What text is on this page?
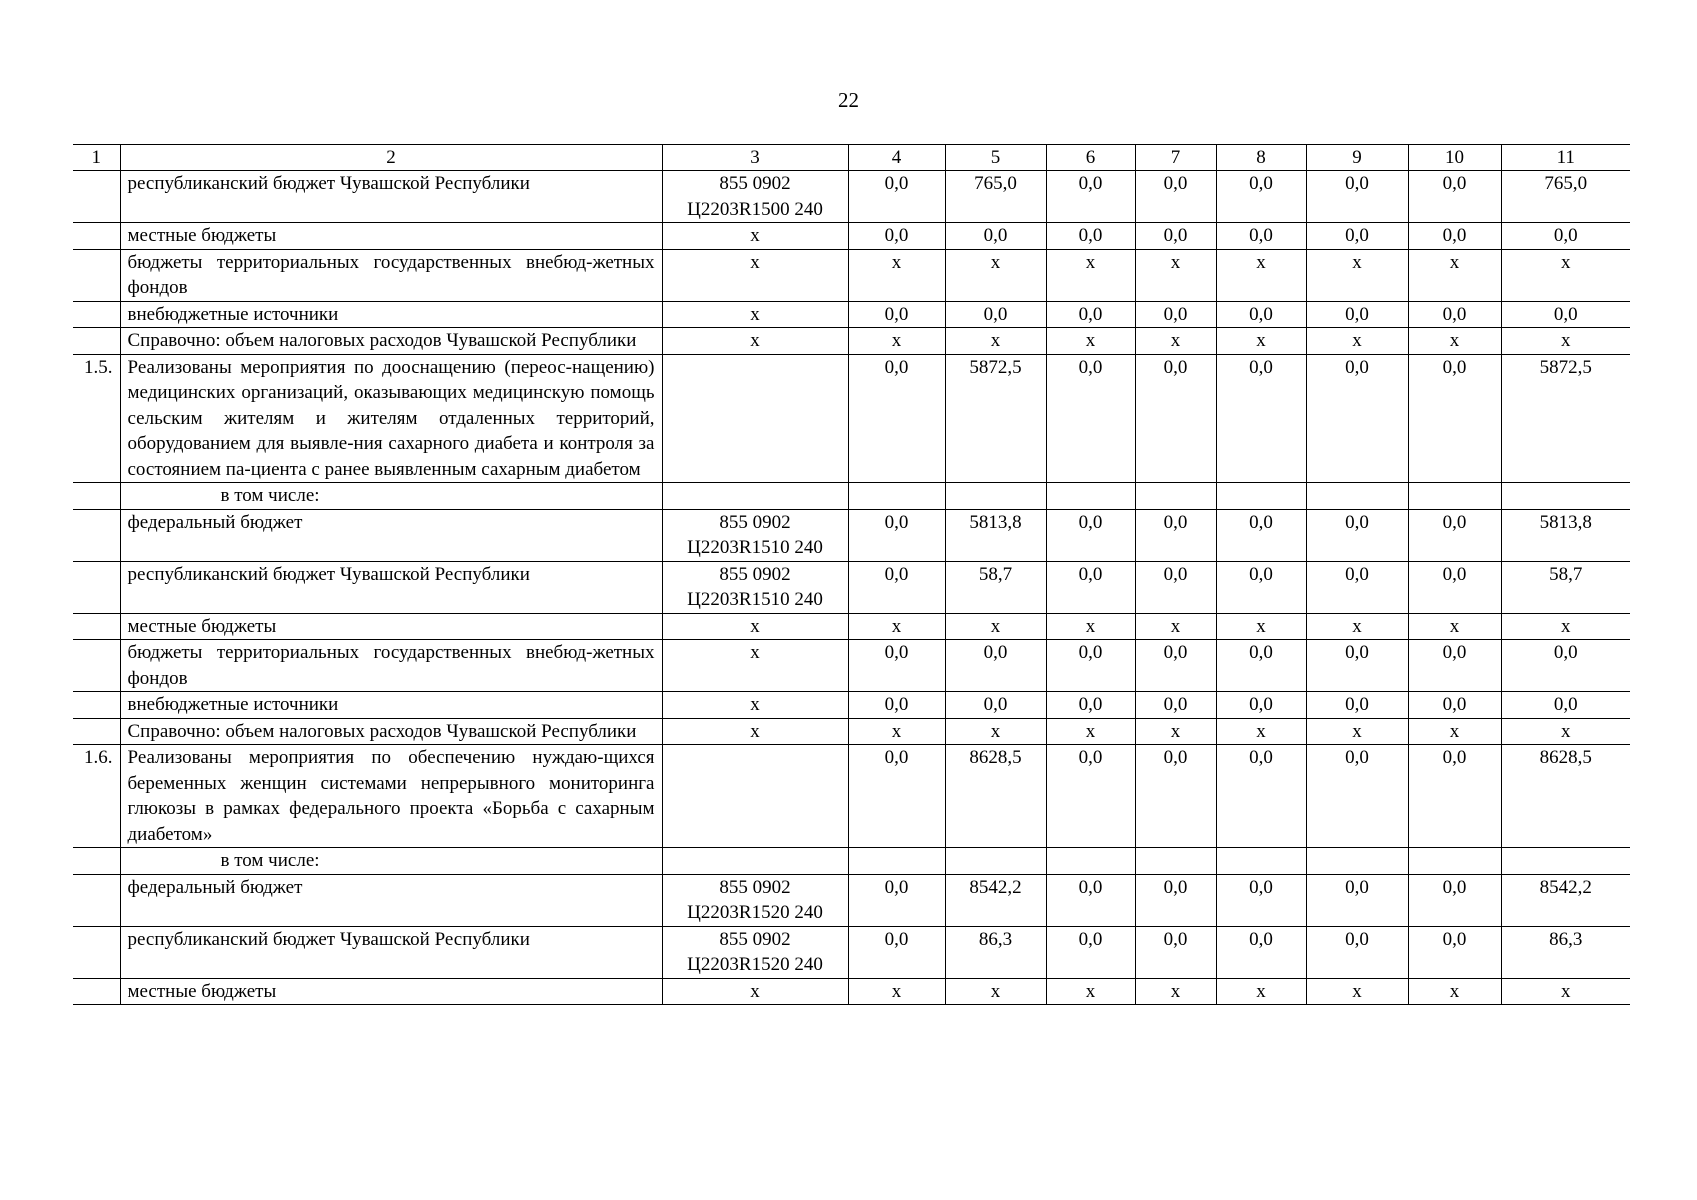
22
1	2	3	4	5	6	7	8	9	10	11
	республиканский бюджет Чувашской Республики	855 0902 Ц2203R1500 240	0,0	765,0	0,0	0,0	0,0	0,0	0,0	765,0
	местные бюджеты	х	0,0	0,0	0,0	0,0	0,0	0,0	0,0	0,0
	бюджеты территориальных государственных внебюд-жетных фондов	х	х	х	х	х	х	х	х	х
	внебюджетные источники	х	0,0	0,0	0,0	0,0	0,0	0,0	0,0	0,0
	Справочно: объем налоговых расходов Чувашской Республики	х	х	х	х	х	х	х	х	х
1.5.	Реализованы мероприятия по дооснащению (переос-нащению) медицинских организаций, оказывающих медицинскую помощь сельским жителям и жителям отдаленных территорий, оборудованием для выявле-ния сахарного диабета и контроля за состоянием па-циента с ранее выявленным сахарным диабетом		0,0	5872,5	0,0	0,0	0,0	0,0	0,0	5872,5
	в том числе:									
	федеральный бюджет	855 0902 Ц2203R1510 240	0,0	5813,8	0,0	0,0	0,0	0,0	0,0	5813,8
	республиканский бюджет Чувашской Республики	855 0902 Ц2203R1510 240	0,0	58,7	0,0	0,0	0,0	0,0	0,0	58,7
	местные бюджеты	х	х	х	х	х	х	х	х	х
	бюджеты территориальных государственных внебюд-жетных фондов	х	0,0	0,0	0,0	0,0	0,0	0,0	0,0	0,0
	внебюджетные источники	х	0,0	0,0	0,0	0,0	0,0	0,0	0,0	0,0
	Справочно: объем налоговых расходов Чувашской Республики	х	х	х	х	х	х	х	х	х
1.6.	Реализованы мероприятия по обеспечению нуждаю-щихся беременных женщин системами непрерывного мониторинга глюкозы в рамках федерального проекта «Борьба с сахарным диабетом»		0,0	8628,5	0,0	0,0	0,0	0,0	0,0	8628,5
	в том числе:									
	федеральный бюджет	855 0902 Ц2203R1520 240	0,0	8542,2	0,0	0,0	0,0	0,0	0,0	8542,2
	республиканский бюджет Чувашской Республики	855 0902 Ц2203R1520 240	0,0	86,3	0,0	0,0	0,0	0,0	0,0	86,3
	местные бюджеты	х	х	х	х	х	х	х	х	х
